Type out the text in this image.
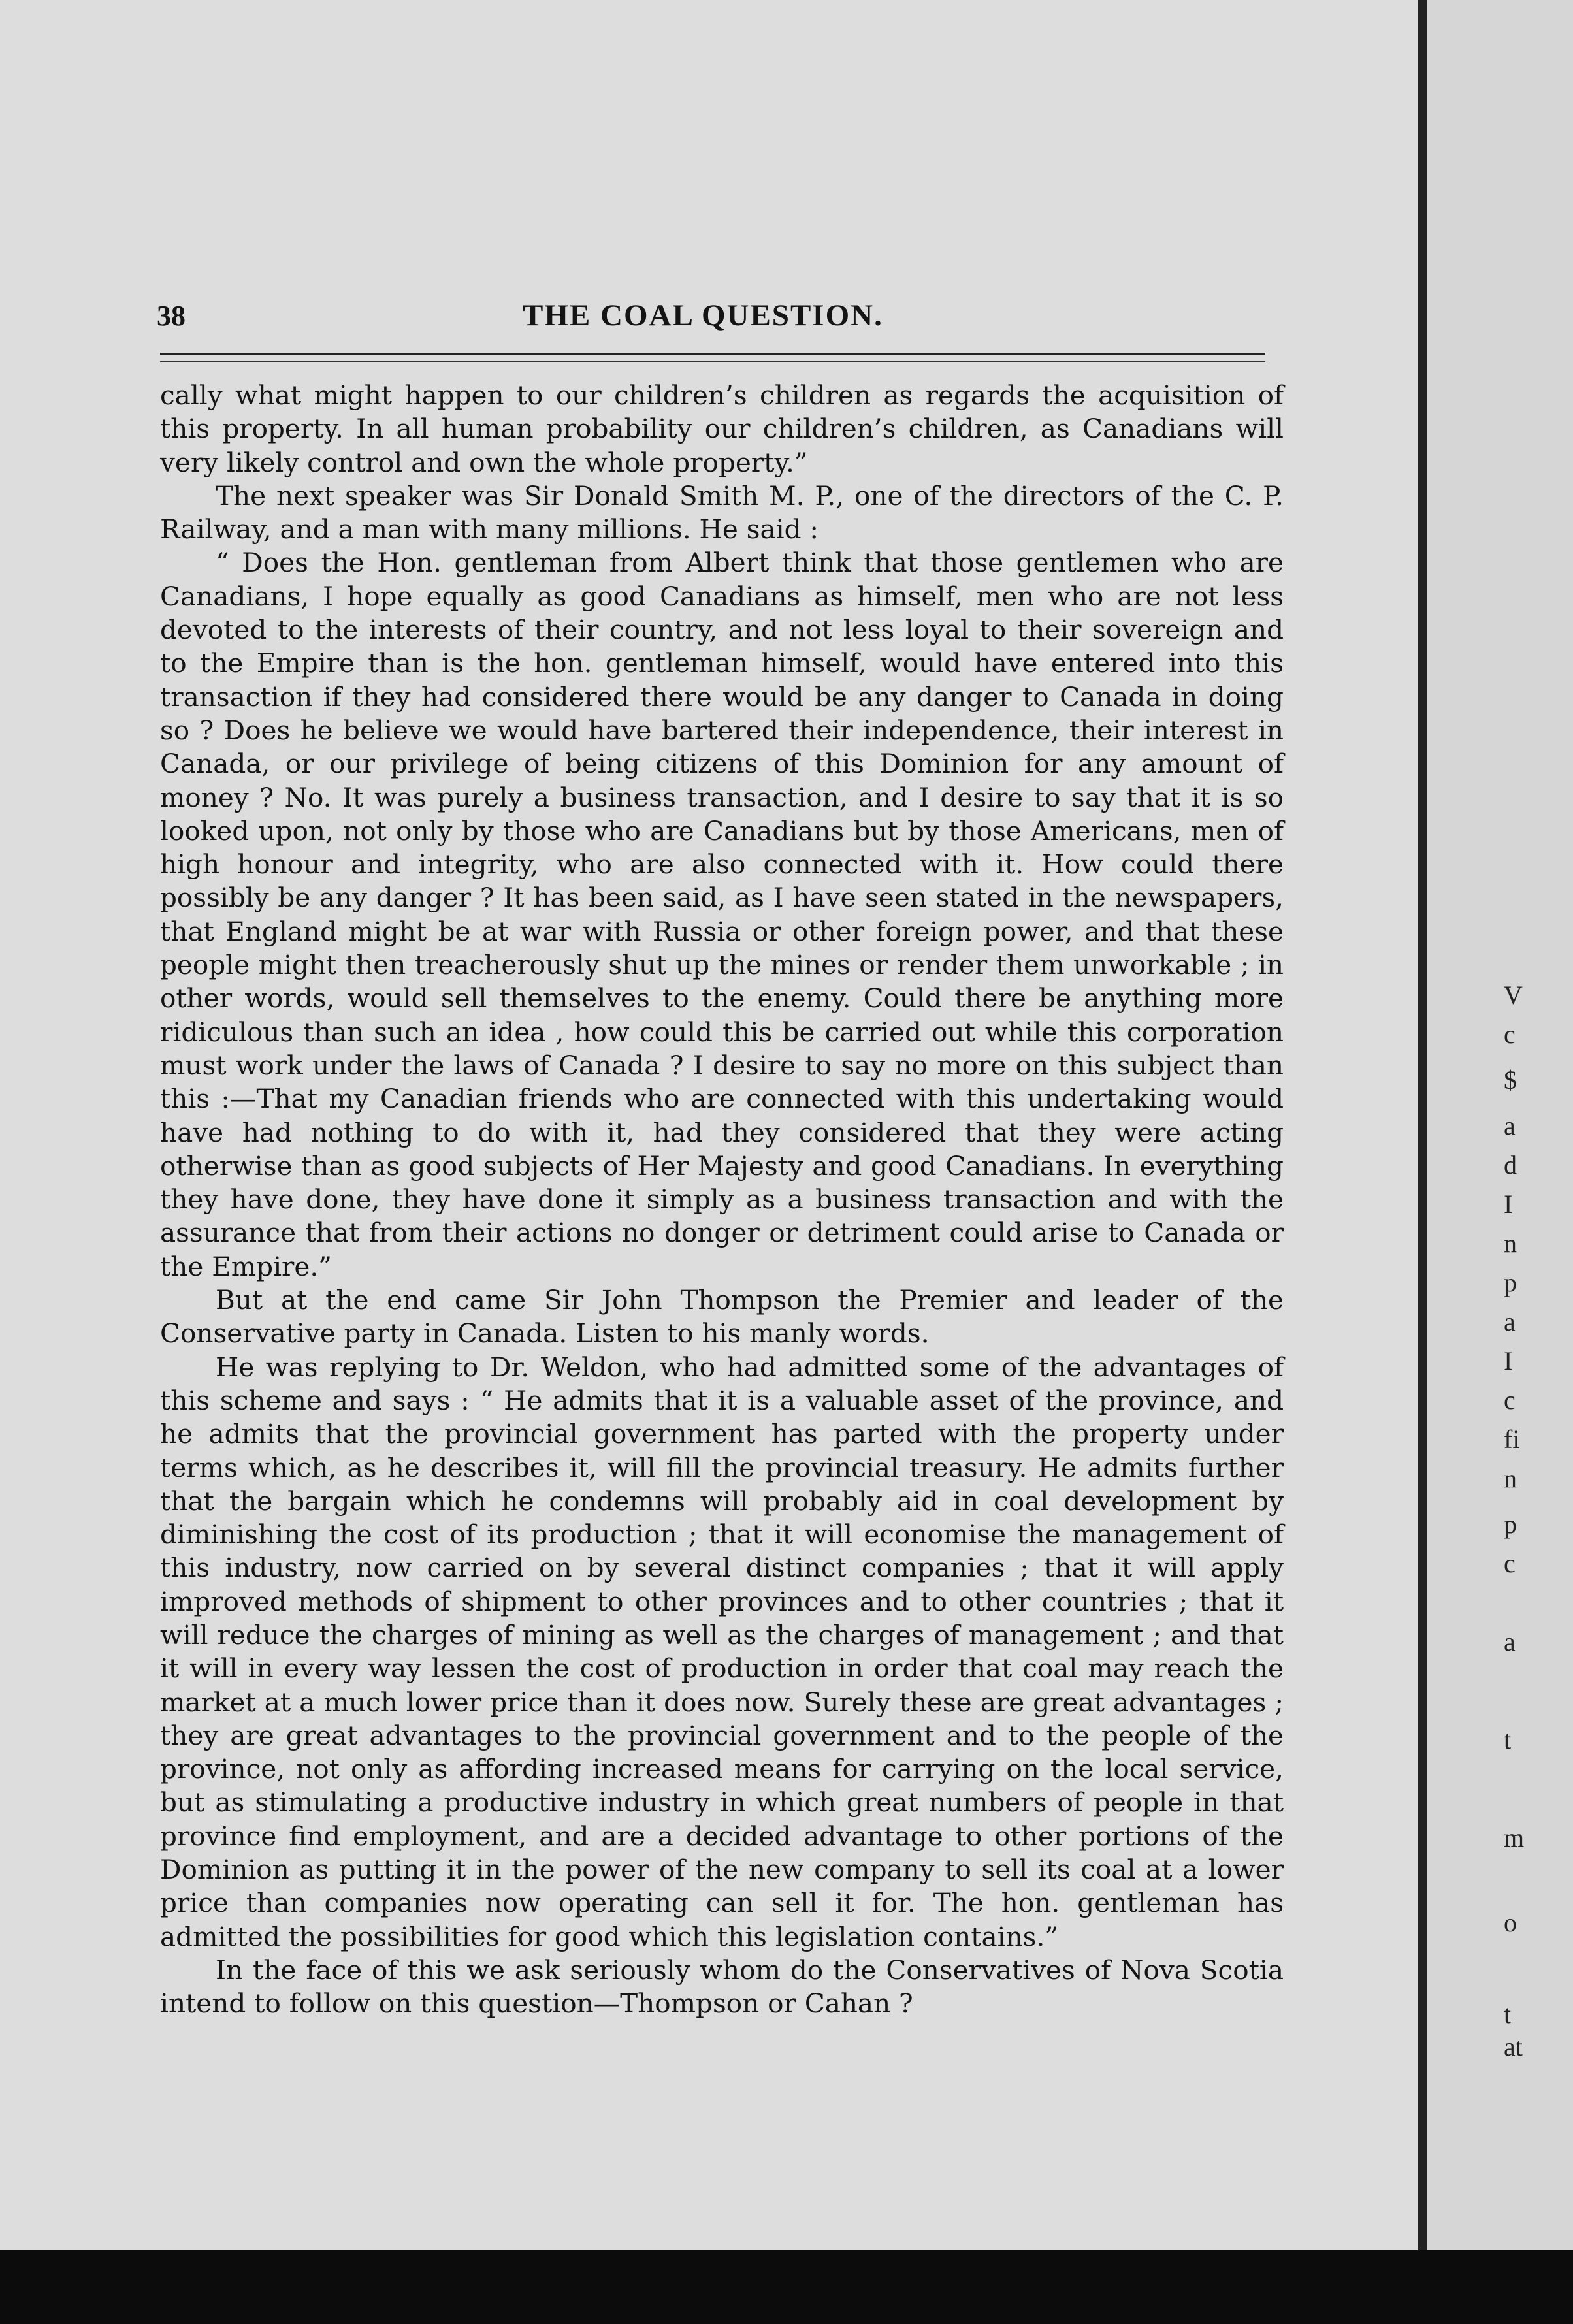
38	THE COAL QUESTION.

cally what might happen to our children’s children as regards the acquisition of this property. In all human probability our children’s children, as Canadians will very likely control and own the whole property.”

The next speaker was Sir Donald Smith M. P., one of the directors of the C. P. Railway, and a man with many millions. He said :

“ Does the Hon. gentleman from Albert think that those gentlemen who are Canadians, I hope equally as good Canadians as himself, men who are not less devoted to the interests of their country, and not less loyal to their sovereign and to the Empire than is the hon. gentleman himself, would have entered into this transaction if they had considered there would be any danger to Canada in doing so ? Does he believe we would have bartered their independence, their interest in Canada, or our privilege of being citizens of this Dominion for any amount of money ? No. It was purely a business transaction, and I desire to say that it is so looked upon, not only by those who are Canadians but by those Americans, men of high honour and integrity, who are also connected with it. How could there possibly be any danger ? It has been said, as I have seen stated in the newspapers, that England might be at war with Russia or other foreign power, and that these people might then treacherously shut up the mines or render them unworkable ; in other words, would sell themselves to the enemy. Could there be anything more ridiculous than such an idea , how could this be carried out while this corporation must work under the laws of Canada ? I desire to say no more on this subject than this :—That my Canadian friends who are connected with this undertaking would have had nothing to do with it, had they considered that they were acting otherwise than as good subjects of Her Majesty and good Canadians. In everything they have done, they have done it simply as a business transaction and with the assurance that from their actions no donger or detriment could arise to Canada or the Empire.”

But at the end came Sir John Thompson the Premier and leader of the Conservative party in Canada. Listen to his manly words.

He was replying to Dr. Weldon, who had admitted some of the advantages of this scheme and says : “ He admits that it is a valuable asset of the province, and he admits that the provincial government has parted with the property under terms which, as he describes it, will fill the provincial treasury. He admits further that the bargain which he condemns will probably aid in coal development by diminishing the cost of its production ; that it will economise the management of this industry, now carried on by several distinct companies ; that it will apply improved methods of shipment to other provinces and to other countries ; that it will reduce the charges of mining as well as the charges of management ; and that it will in every way lessen the cost of production in order that coal may reach the market at a much lower price than it does now. Surely these are great advantages ; they are great advantages to the provincial government and to the people of the province, not only as affording increased means for carrying on the local service, but as stimulating a productive industry in which great numbers of people in that province find employment, and are a decided advantage to other portions of the Dominion as putting it in the power of the new company to sell its coal at a lower price than companies now operating can sell it for. The hon. gentleman has admitted the possibilities for good which this legislation contains.”

In the face of this we ask seriously whom do the Conservatives of Nova Scotia intend to follow on this question—Thompson or Cahan ?

V
c
$
a
d
I
n
p
a
I
c
fi
n
p
c
a
t
m
o
t
at
